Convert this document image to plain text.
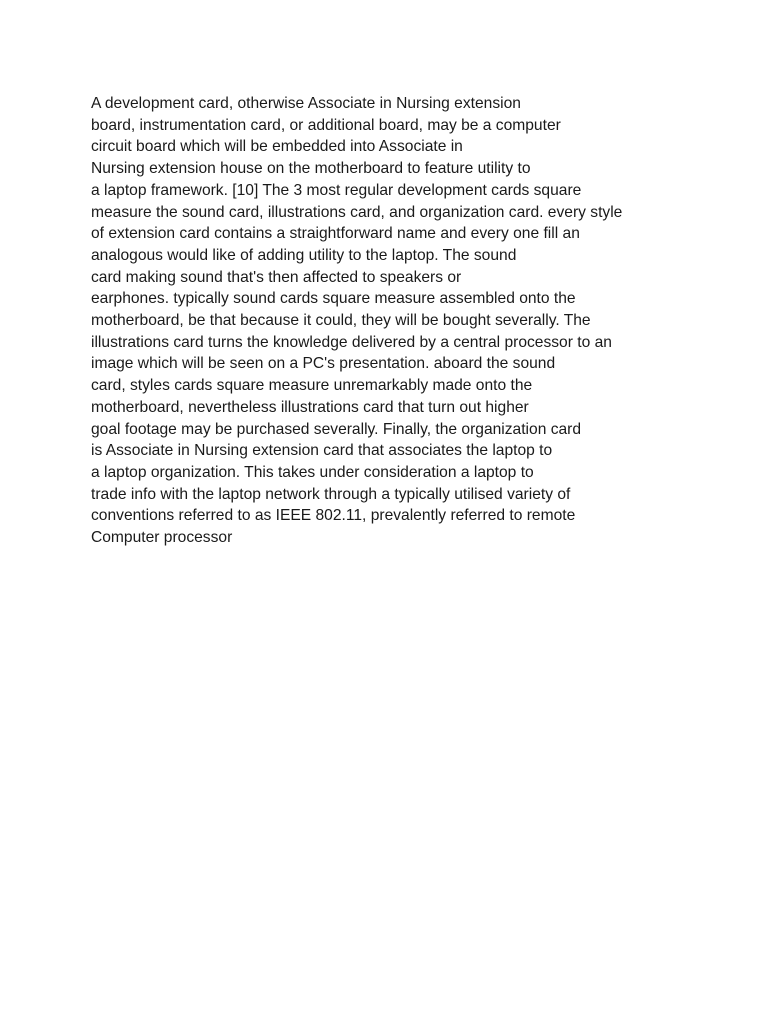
A development card, otherwise Associate in Nursing extension
board, instrumentation card, or additional board, may be a computer
circuit board which will be embedded into Associate in
Nursing extension house on the motherboard to feature utility to
a laptop framework. [10] The 3 most regular development cards square
measure the sound card, illustrations card, and organization card. every style
of extension card contains a straightforward name and every one fill an
analogous would like of adding utility to the laptop. The sound
card making sound that's then affected to speakers or
earphones. typically sound cards square measure assembled onto the
motherboard, be that because it could, they will be bought severally. The
illustrations card turns the knowledge delivered by a central processor to an
image which will be seen on a PC's presentation. aboard the sound
card, styles cards square measure unremarkably made onto the
motherboard, nevertheless illustrations card that turn out higher
goal footage may be purchased severally. Finally, the organization card
is Associate in Nursing extension card that associates the laptop to
a laptop organization. This takes under consideration a laptop to
trade info with the laptop network through a typically utilised variety of
conventions referred to as IEEE 802.11, prevalently referred to remote
Computer processor
